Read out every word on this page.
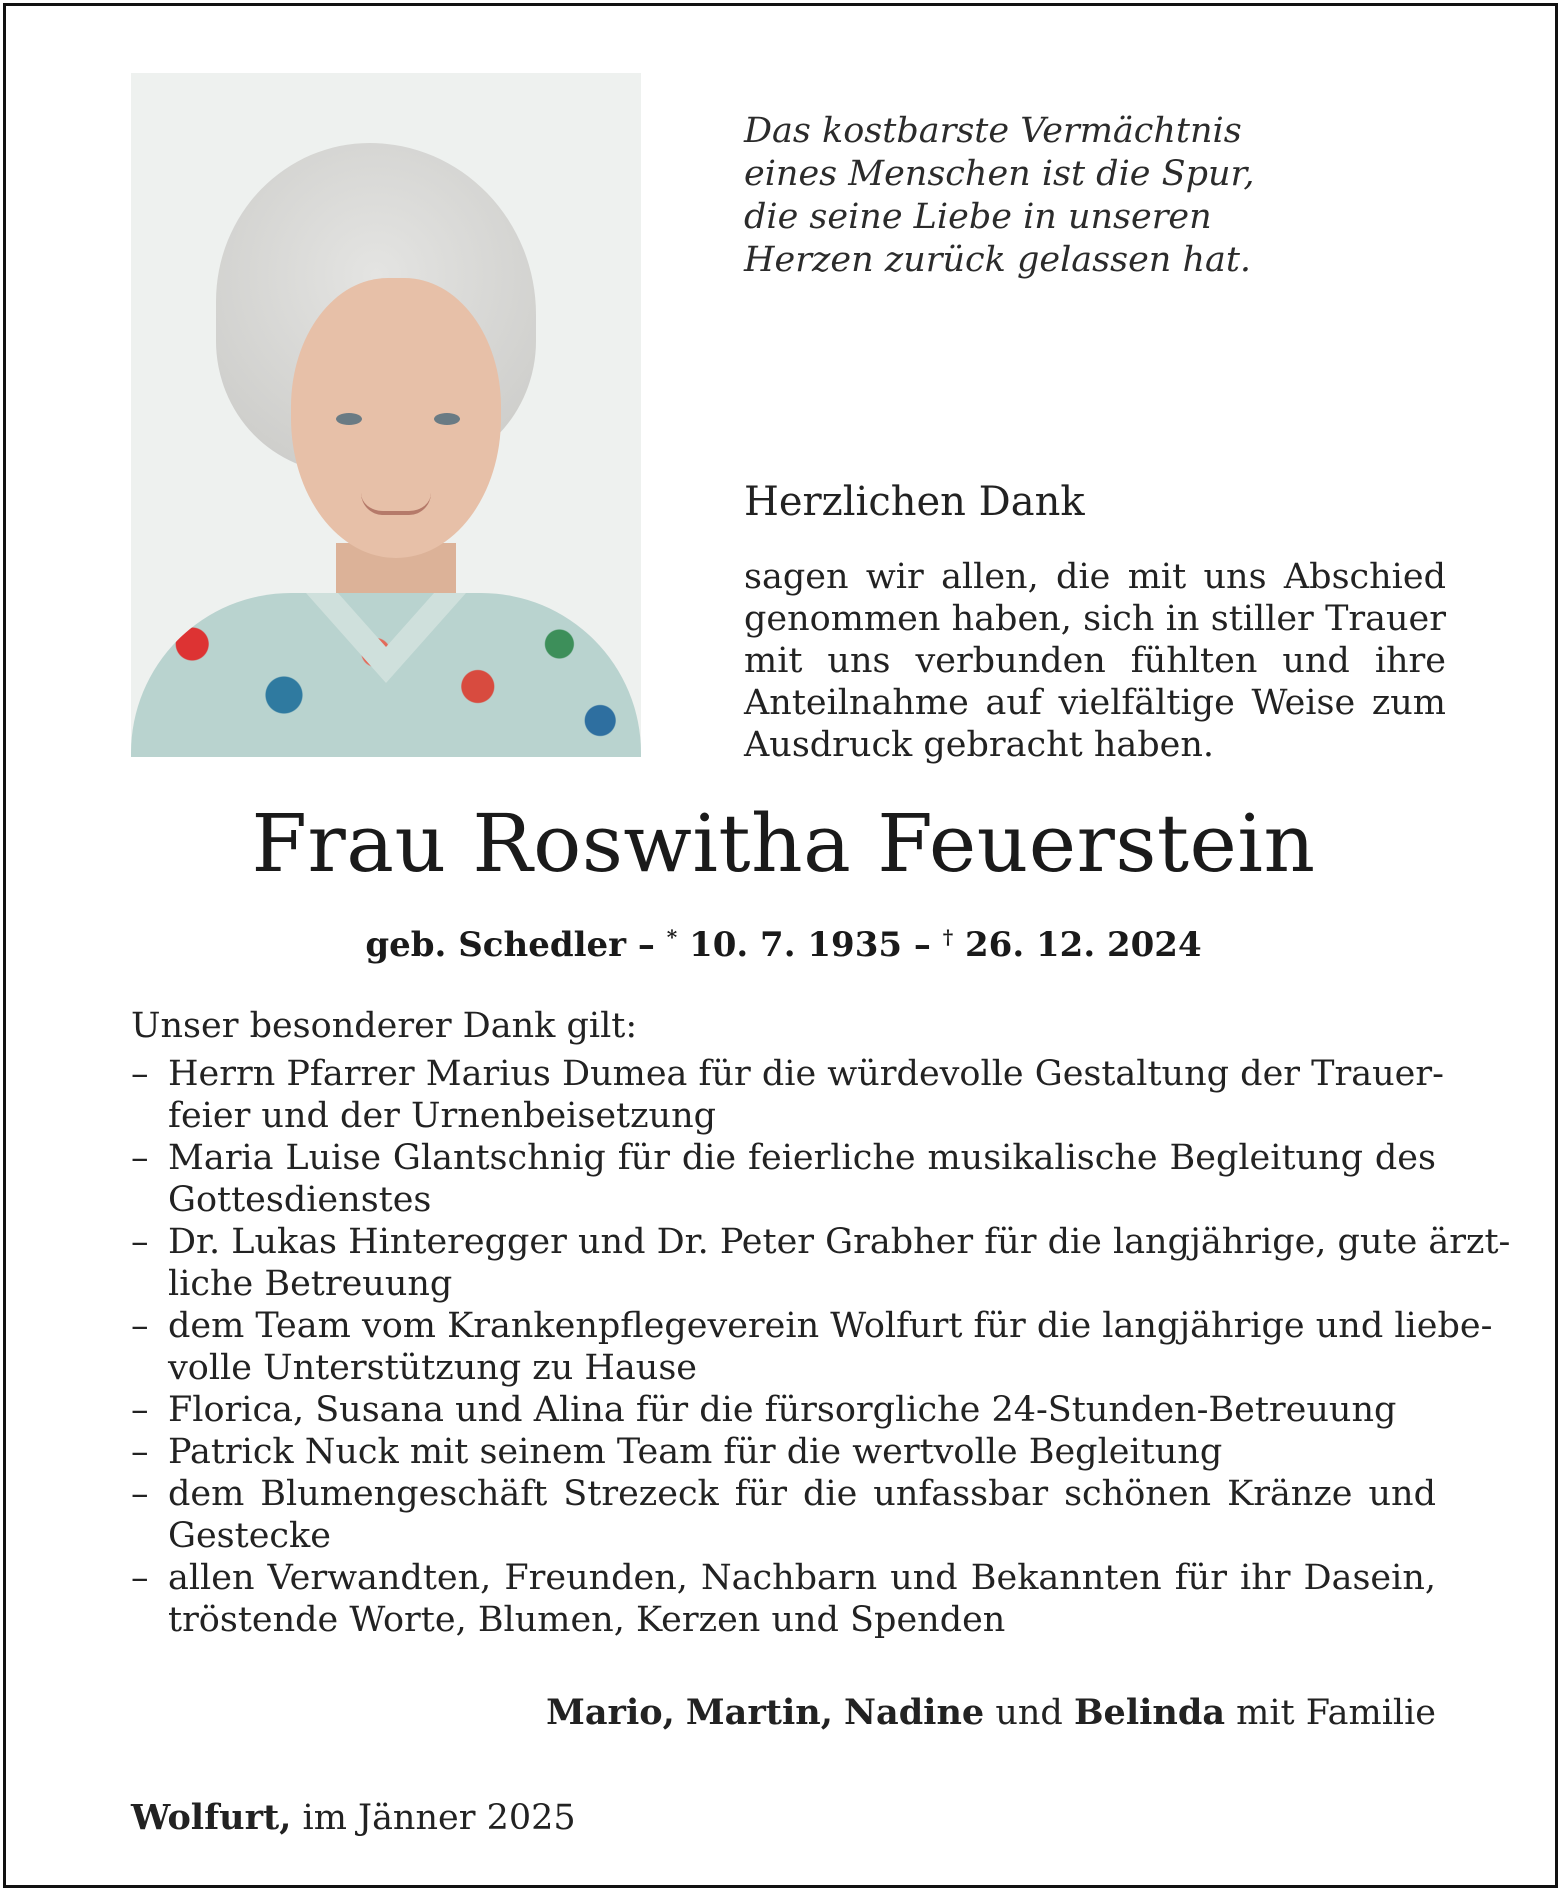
Das kostbarste Vermächtnis
eines Menschen ist die Spur,
die seine Liebe in unseren
Herzen zurück gelassen hat.
Herzlichen Dank
sagen wir allen, die mit uns Abschied
genommen haben, sich in stiller Trauer
mit uns verbunden fühlten und ihre
Anteilnahme auf vielfältige Weise zum
Ausdruck gebracht haben.
Frau Roswitha Feuerstein
geb. Schedler – * 10. 7. 1935 – † 26. 12. 2024
Unser besonderer Dank gilt:
– Herrn Pfarrer Marius Dumea für die würdevolle Gestaltung der Trauer-
feier und der Urnenbeisetzung
– Maria Luise Glantschnig für die feierliche musikalische Begleitung des
Gottesdienstes
– Dr. Lukas Hinteregger und Dr. Peter Grabher für die langjährige, gute ärzt-
liche Betreuung
– dem Team vom Krankenpflegeverein Wolfurt für die langjährige und liebe-
volle Unterstützung zu Hause
– Florica, Susana und Alina für die fürsorgliche 24-Stunden-Betreuung
– Patrick Nuck mit seinem Team für die wertvolle Begleitung
– dem Blumengeschäft Strezeck für die unfassbar schönen Kränze und
Gestecke
– allen Verwandten, Freunden, Nachbarn und Bekannten für ihr Dasein,
tröstende Worte, Blumen, Kerzen und Spenden
Mario, Martin, Nadine und Belinda mit Familie
Wolfurt, im Jänner 2025
